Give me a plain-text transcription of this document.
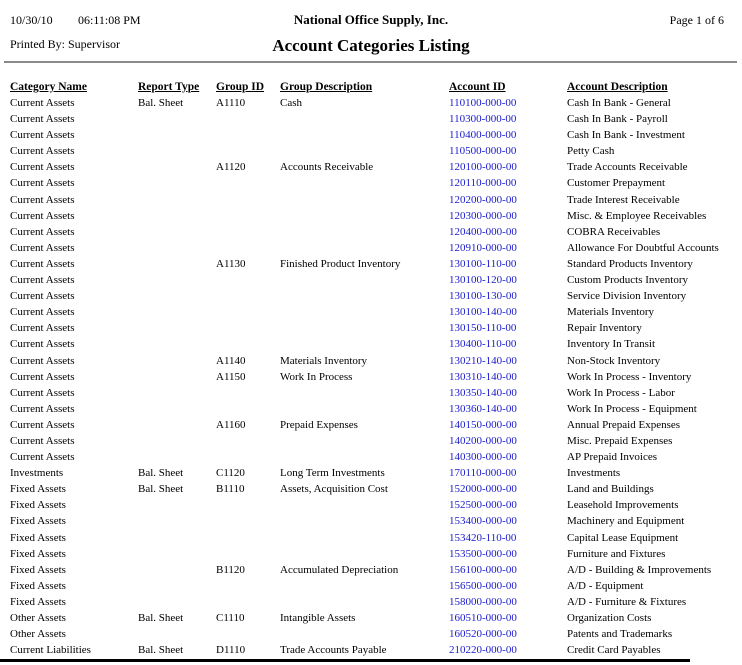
10/30/10 06:11:08 PM	National Office Supply, Inc.	Page 1 of 6
Printed By: Supervisor	Account Categories Listing
Category Name	Report Type	Group ID	Group Description	Account ID	Account Description
Current Assets	Bal. Sheet	A1110	Cash	110100-000-00	Cash In Bank - General
Current Assets				110300-000-00	Cash In Bank - Payroll
Current Assets				110400-000-00	Cash In Bank - Investment
Current Assets				110500-000-00	Petty Cash
Current Assets		A1120	Accounts Receivable	120100-000-00	Trade Accounts Receivable
Current Assets				120110-000-00	Customer Prepayment
Current Assets				120200-000-00	Trade Interest Receivable
Current Assets				120300-000-00	Misc. & Employee Receivables
Current Assets				120400-000-00	COBRA Receivables
Current Assets				120910-000-00	Allowance For Doubtful Accounts
Current Assets		A1130	Finished Product Inventory	130100-110-00	Standard Products Inventory
Current Assets				130100-120-00	Custom Products Inventory
Current Assets				130100-130-00	Service Division Inventory
Current Assets				130100-140-00	Materials Inventory
Current Assets				130150-110-00	Repair Inventory
Current Assets				130400-110-00	Inventory In Transit
Current Assets		A1140	Materials Inventory	130210-140-00	Non-Stock Inventory
Current Assets		A1150	Work In Process	130310-140-00	Work In Process - Inventory
Current Assets				130350-140-00	Work In Process - Labor
Current Assets				130360-140-00	Work In Process - Equipment
Current Assets		A1160	Prepaid Expenses	140150-000-00	Annual Prepaid Expenses
Current Assets				140200-000-00	Misc. Prepaid Expenses
Current Assets				140300-000-00	AP Prepaid Invoices
Investments	Bal. Sheet	C1120	Long Term Investments	170110-000-00	Investments
Fixed Assets	Bal. Sheet	B1110	Assets, Acquisition Cost	152000-000-00	Land and Buildings
Fixed Assets				152500-000-00	Leasehold Improvements
Fixed Assets				153400-000-00	Machinery and Equipment
Fixed Assets				153420-110-00	Capital Lease Equipment
Fixed Assets				153500-000-00	Furniture and Fixtures
Fixed Assets		B1120	Accumulated Depreciation	156100-000-00	A/D - Building & Improvements
Fixed Assets				156500-000-00	A/D - Equipment
Fixed Assets				158000-000-00	A/D - Furniture & Fixtures
Other Assets	Bal. Sheet	C1110	Intangible Assets	160510-000-00	Organization Costs
Other Assets				160520-000-00	Patents and Trademarks
Current Liabilities	Bal. Sheet	D1110	Trade Accounts Payable	210220-000-00	Credit Card Payables
